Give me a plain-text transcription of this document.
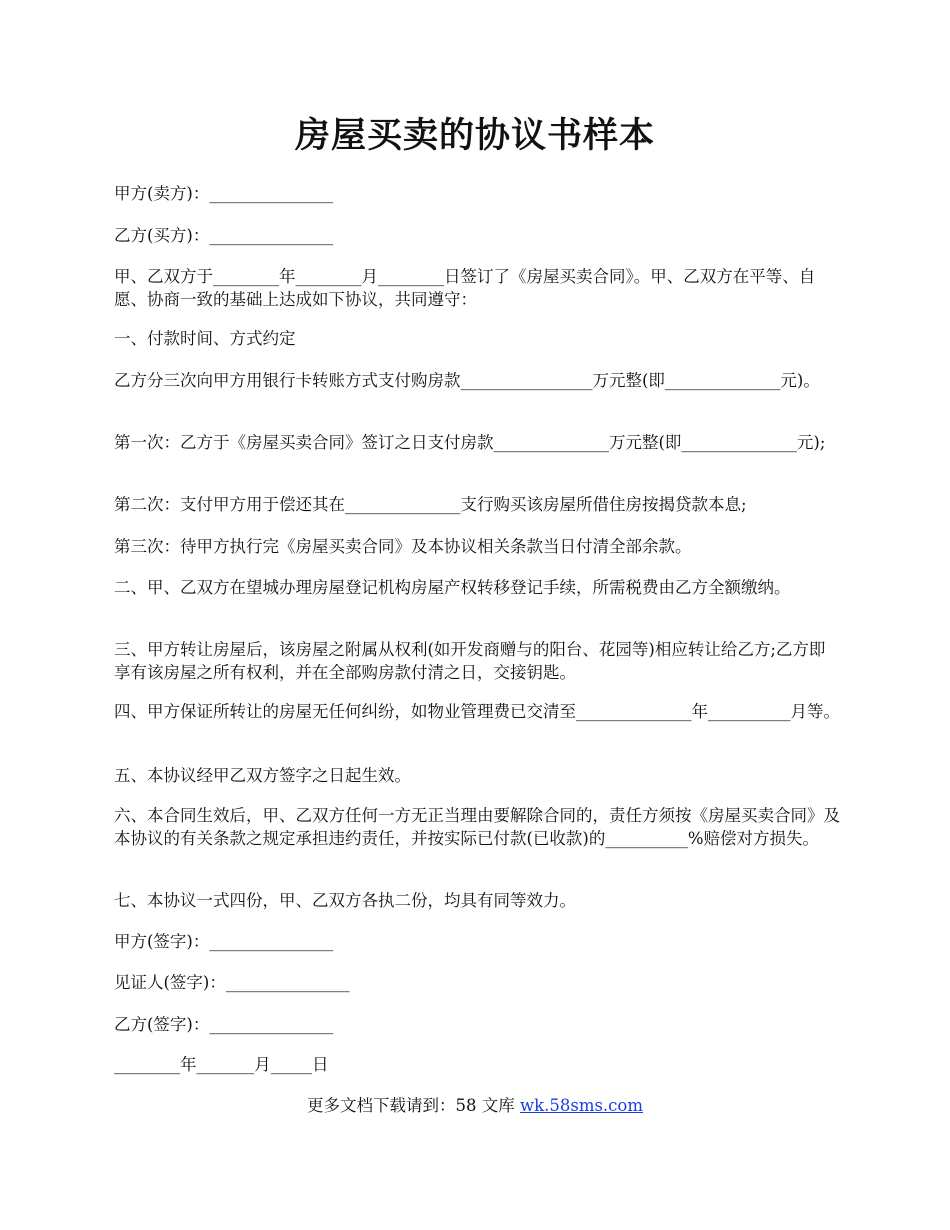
房屋买卖的协议书样本
甲方(卖方)：_______________
乙方(买方)：_______________
甲、乙双方于________年________月________日签订了《房屋买卖合同》。甲、乙双方在平等、自愿、协商一致的基础上达成如下协议，共同遵守：
一、付款时间、方式约定
乙方分三次向甲方用银行卡转账方式支付购房款________________万元整(即______________元)。
第一次：乙方于《房屋买卖合同》签订之日支付房款______________万元整(即______________元);
第二次：支付甲方用于偿还其在______________支行购买该房屋所借住房按揭贷款本息;
第三次：待甲方执行完《房屋买卖合同》及本协议相关条款当日付清全部余款。
二、甲、乙双方在望城办理房屋登记机构房屋产权转移登记手续，所需税费由乙方全额缴纳。
三、甲方转让房屋后，该房屋之附属从权利(如开发商赠与的阳台、花园等)相应转让给乙方;乙方即享有该房屋之所有权利，并在全部购房款付清之日，交接钥匙。
四、甲方保证所转让的房屋无任何纠纷，如物业管理费已交清至______________年__________月等。
五、本协议经甲乙双方签字之日起生效。
六、本合同生效后，甲、乙双方任何一方无正当理由要解除合同的，责任方须按《房屋买卖合同》及本协议的有关条款之规定承担违约责任，并按实际已付款(已收款)的__________%赔偿对方损失。
七、本协议一式四份，甲、乙双方各执二份，均具有同等效力。
甲方(签字)：_______________
见证人(签字)：_______________
乙方(签字)：_______________
________年_______月_____日
更多文档下载请到：58 文库 wk.58sms.com
